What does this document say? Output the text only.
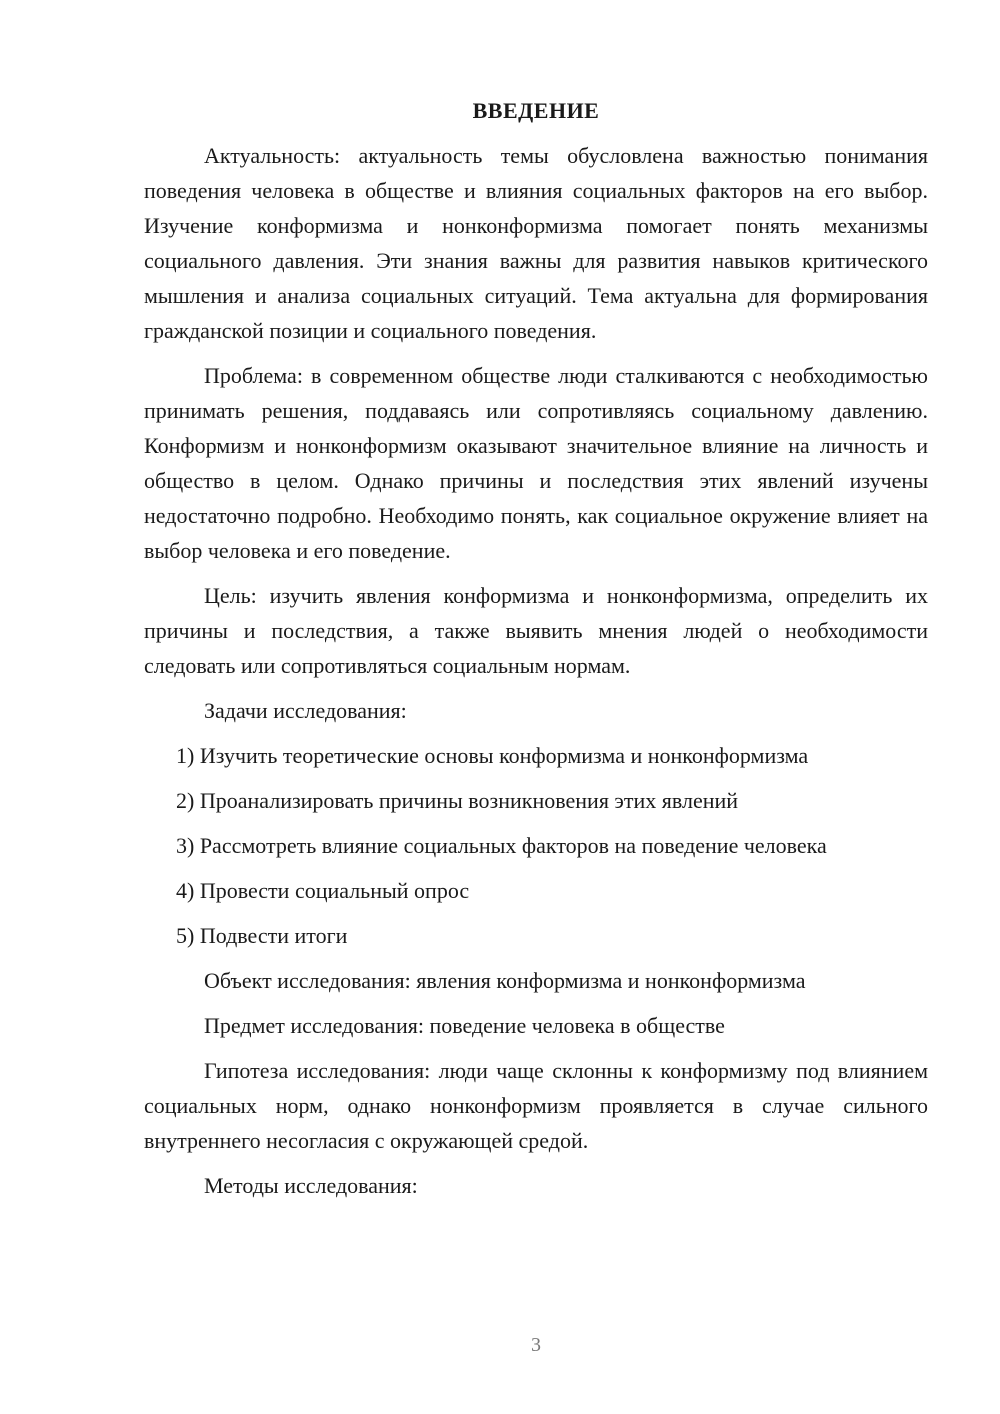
ВВЕДЕНИЕ

Актуальность: актуальность темы обусловлена важностью понимания поведения человека в обществе и влияния социальных факторов на его выбор. Изучение конформизма и нонконформизма помогает понять механизмы социального давления. Эти знания важны для развития навыков критического мышления и анализа социальных ситуаций. Тема актуальна для формирования гражданской позиции и социального поведения.

Проблема: в современном обществе люди сталкиваются с необходимостью принимать решения, поддаваясь или сопротивляясь социальному давлению. Конформизм и нонконформизм оказывают значительное влияние на личность и общество в целом. Однако причины и последствия этих явлений изучены недостаточно подробно. Необходимо понять, как социальное окружение влияет на выбор человека и его поведение.

Цель: изучить явления конформизма и нонконформизма, определить их причины и последствия, а также выявить мнения людей о необходимости следовать или сопротивляться социальным нормам.

Задачи исследования:

1) Изучить теоретические основы конформизма и нонконформизма
2) Проанализировать причины возникновения этих явлений
3) Рассмотреть влияние социальных факторов на поведение человека
4) Провести социальный опрос
5) Подвести итоги

Объект исследования: явления конформизма и нонконформизма

Предмет исследования: поведение человека в обществе

Гипотеза исследования: люди чаще склонны к конформизму под влиянием социальных норм, однако нонконформизм проявляется в случае сильного внутреннего несогласия с окружающей средой.

Методы исследования:

3
